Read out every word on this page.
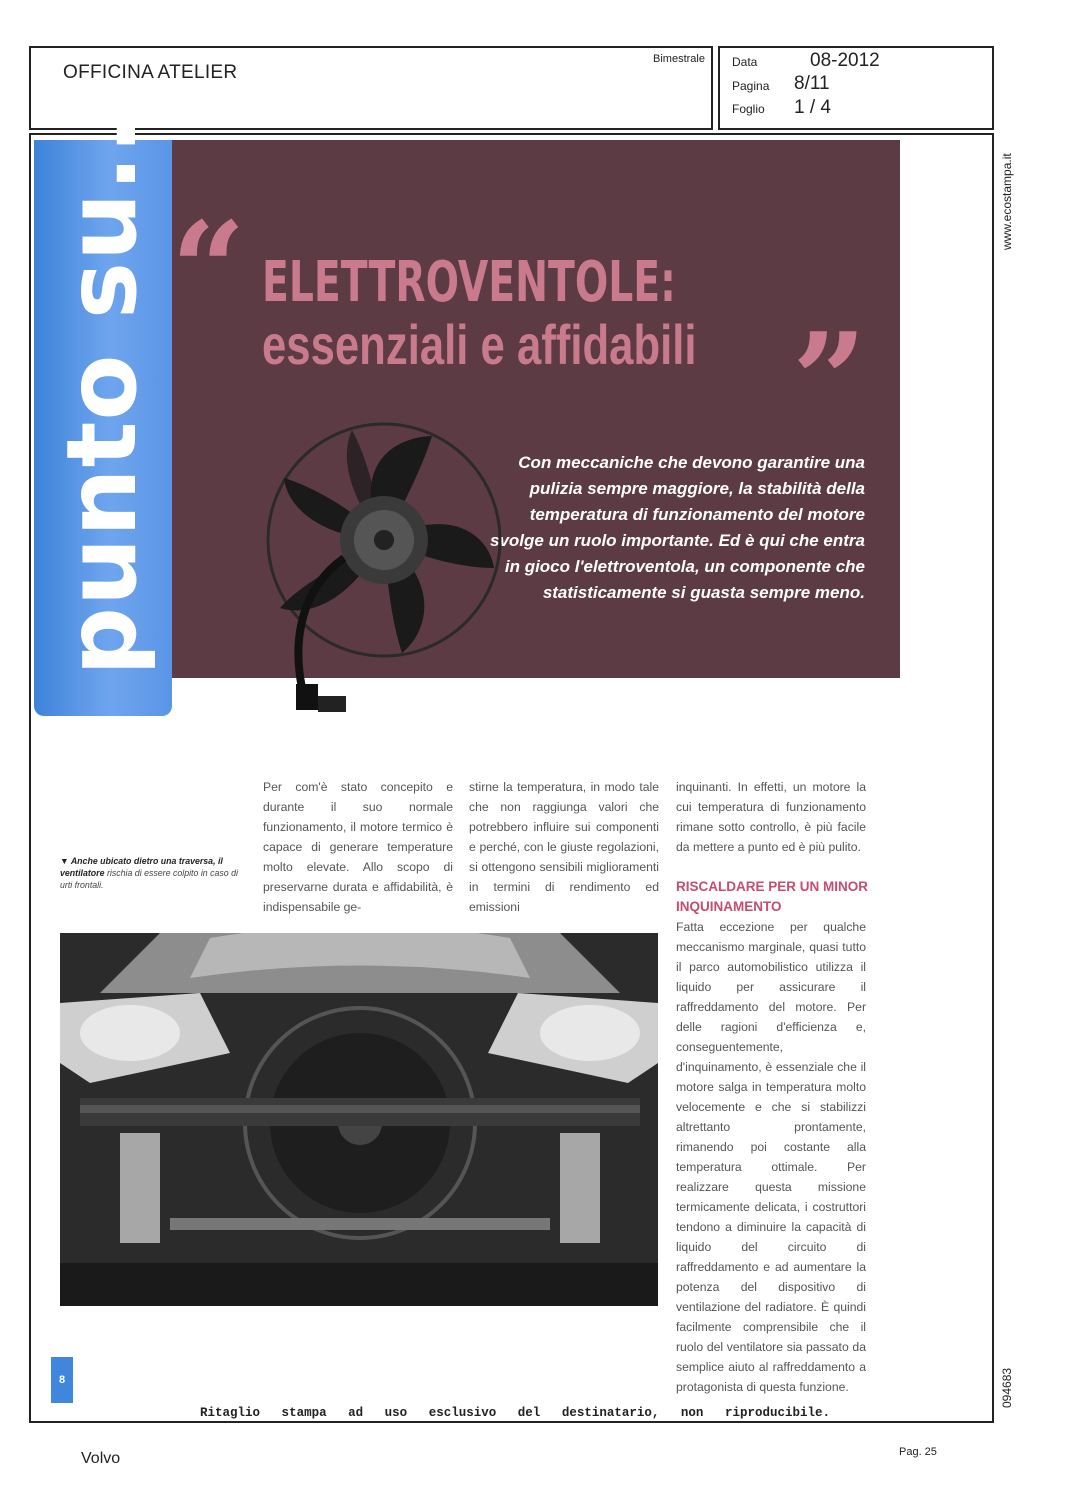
OFFICINA ATELIER
Bimestrale Data	08-2012
Pagina 8/11
Foglio 1 / 4
www.ecostampa.it
094683
Il punto su... “ ELETTROVENTOLE:
essenziali e affidabili ”
Con meccaniche che devono garantire una pulizia sempre maggiore, la stabilità della temperatura di funzionamento del motore svolge un ruolo importante. Ed è qui che entra in gioco l'elettroventola, un componente che statisticamente si guasta sempre meno.
▼ Anche ubicato dietro una traversa, il ventilatore rischia di essere colpito in caso di urti frontali.
Per com'è stato concepito e durante il suo normale funzionamento, il motore termico è capace di generare temperature molto elevate. Allo scopo di preservarne durata e affidabilità, è indispensabile ge-
stirne la temperatura, in modo tale che non raggiunga valori che potrebbero influire sui componenti e perché, con le giuste regolazioni, si ottengono sensibili miglioramenti in termini di rendimento ed emissioni
inquinanti. In effetti, un motore la cui temperatura di funzionamento rimane sotto controllo, è più facile da mettere a punto ed è più pulito.
RISCALDARE PER UN MINOR INQUINAMENTO
Fatta eccezione per qualche meccanismo marginale, quasi tutto il parco automobilistico utilizza il liquido per assicurare il raffreddamento del motore. Per delle ragioni d'efficienza e, conseguentemente, d'inquinamento, è essenziale che il motore salga in temperatura molto velocemente e che si stabilizzi altrettanto prontamente, rimanendo poi costante alla temperatura ottimale. Per realizzare questa missione termicamente delicata, i costruttori tendono a diminuire la capacità di liquido del circuito di raffreddamento e ad aumentare la potenza del dispositivo di ventilazione del radiatore. È quindi facilmente comprensibile che il ruolo del ventilatore sia passato da semplice aiuto al raffreddamento a protagonista di questa funzione.
8
Ritaglio stampa ad uso esclusivo del destinatario, non riproducibile.
Volvo	Pag. 25
